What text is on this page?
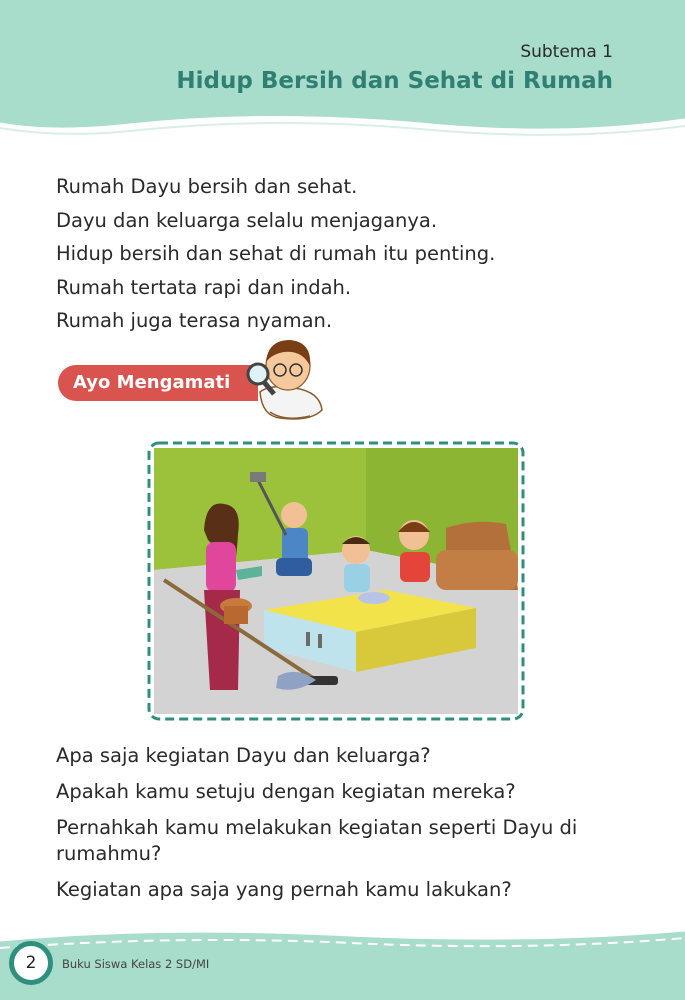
Subtema 1
Hidup Bersih dan Sehat di Rumah

Rumah Dayu bersih dan sehat.

Dayu dan keluarga selalu menjaganya.

Hidup bersih dan sehat di rumah itu penting.

Rumah tertata rapi dan indah.

Rumah juga terasa nyaman.

Ayo Mengamati

Apa saja kegiatan Dayu dan keluarga?

Apakah kamu setuju dengan kegiatan mereka?

Pernahkah kamu melakukan kegiatan seperti Dayu di rumahmu?

Kegiatan apa saja yang pernah kamu lakukan?

2	Buku Siswa Kelas 2 SD/MI
